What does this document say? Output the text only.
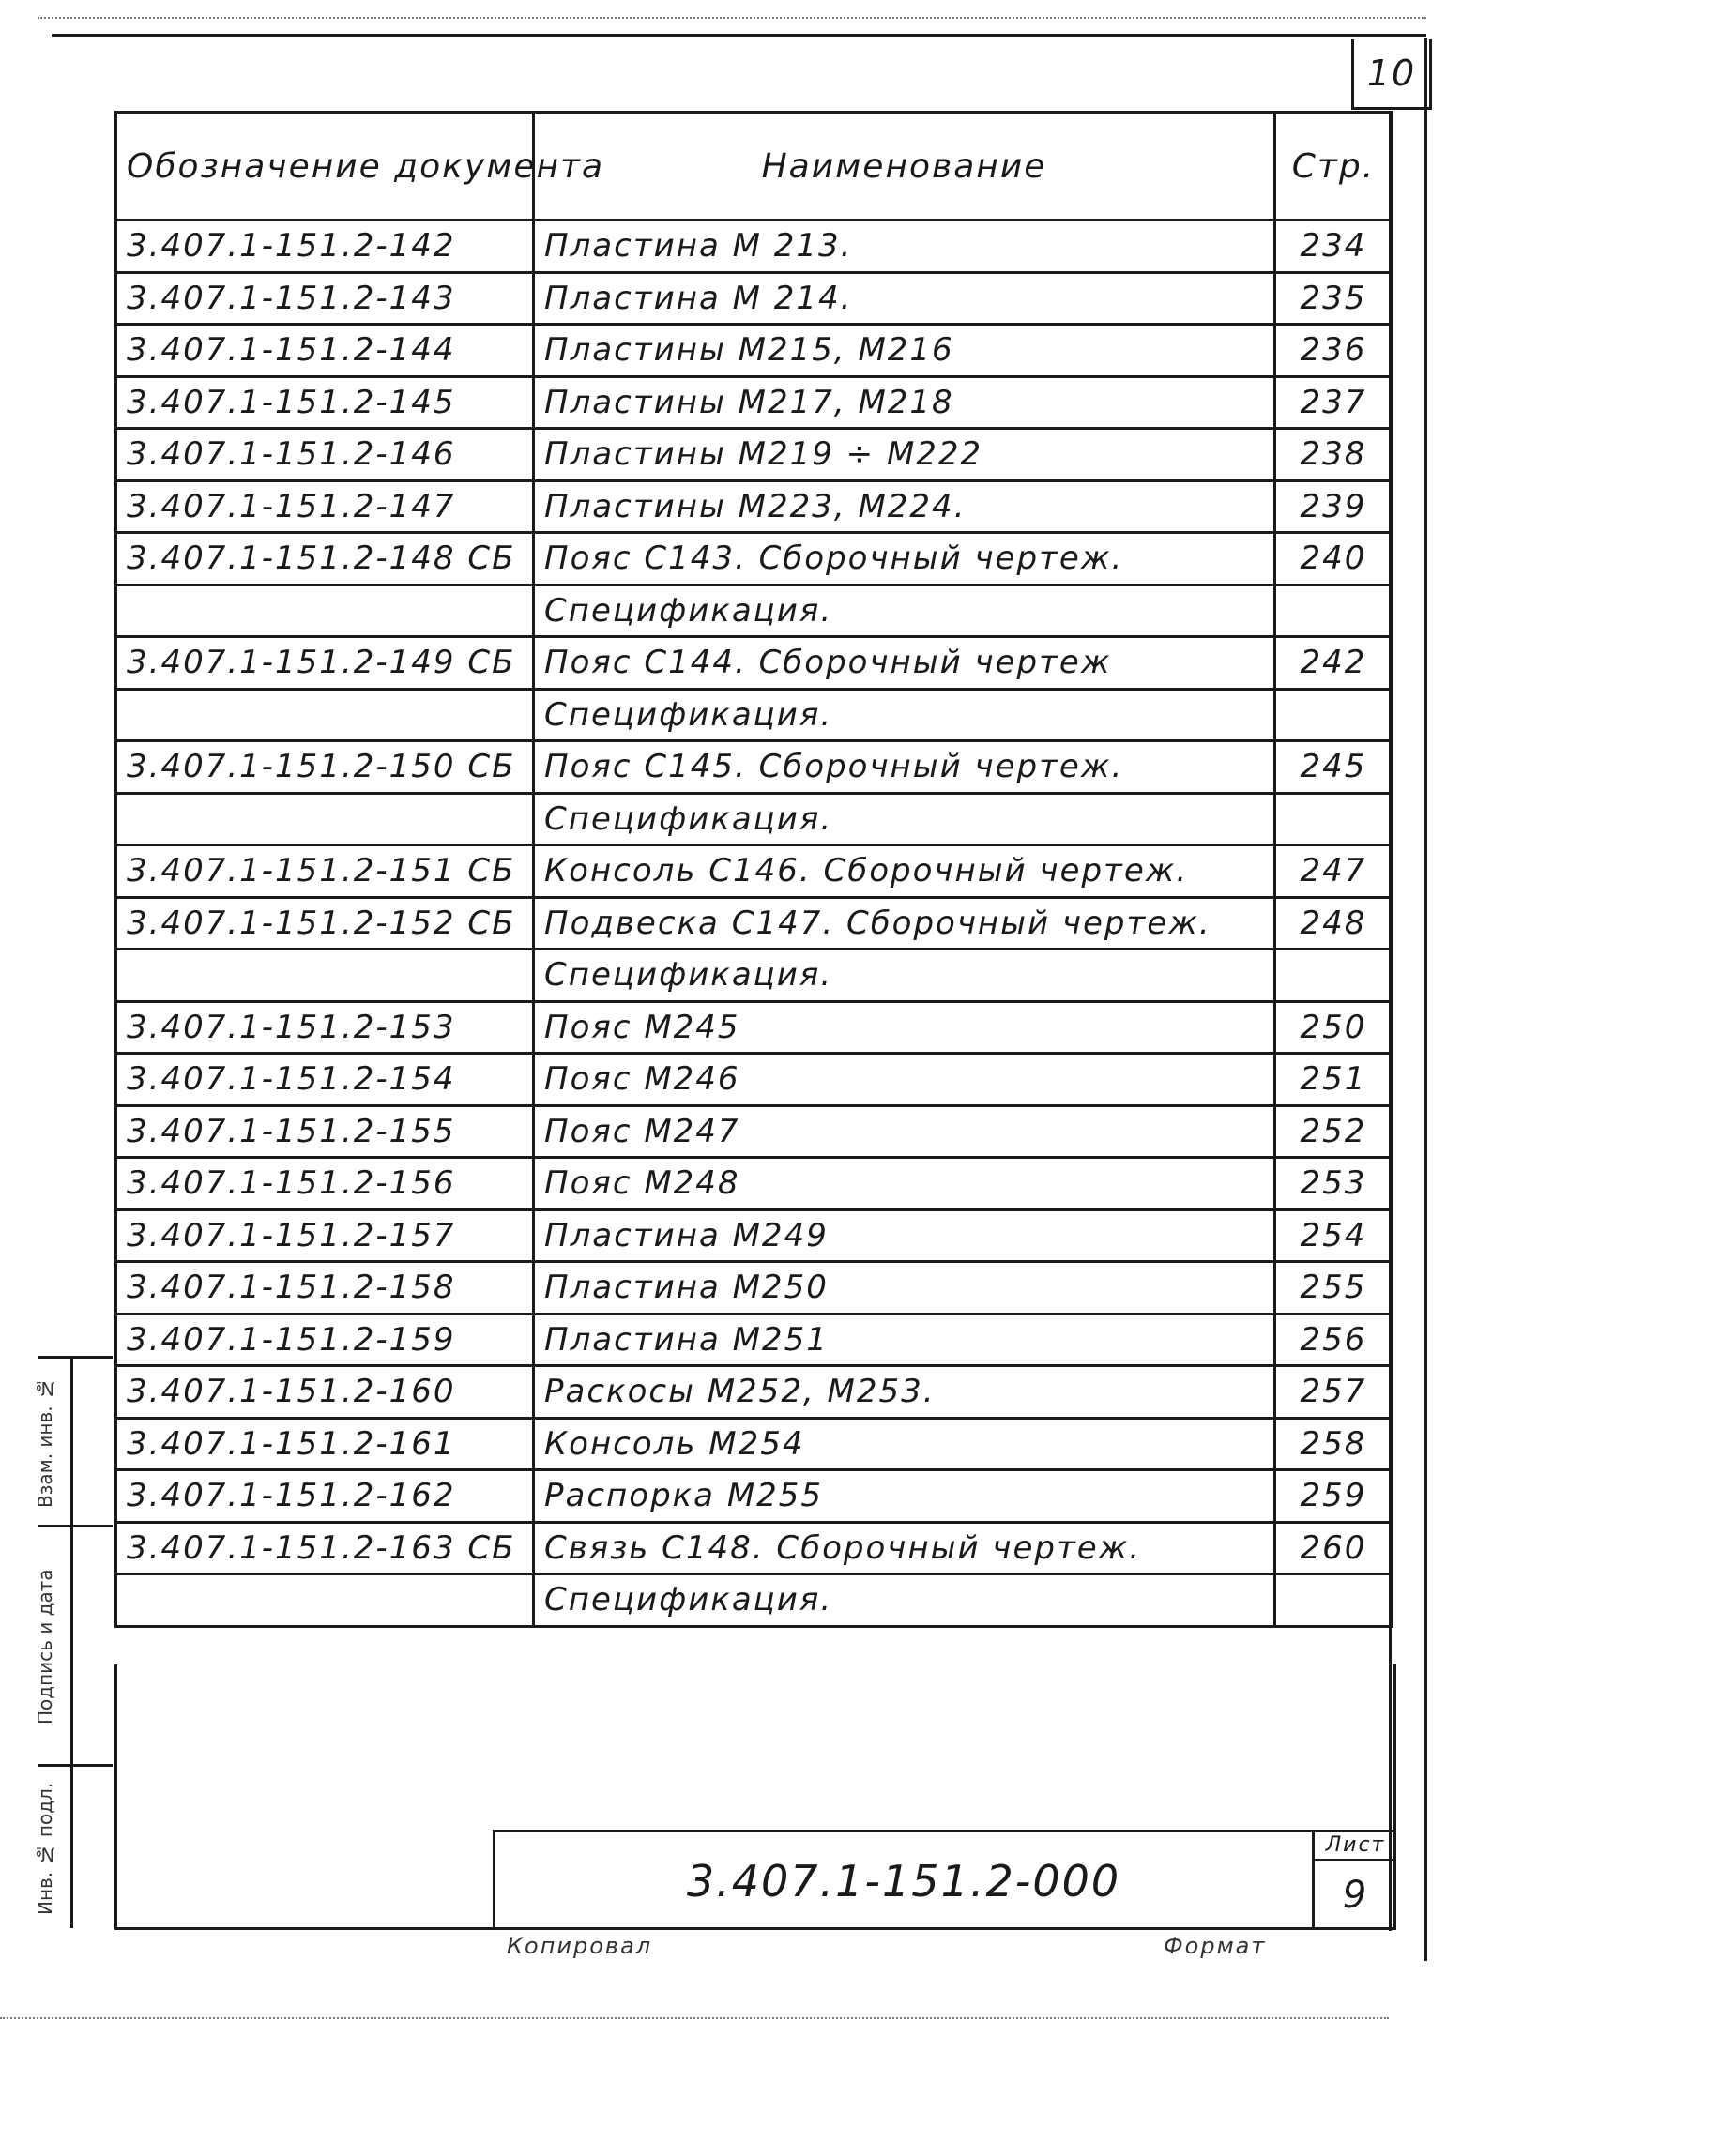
10
Обозначение документа	Наименование	Стр.
3.407.1-151.2-142	Пластина М 213.	234
3.407.1-151.2-143	Пластина М 214.	235
3.407.1-151.2-144	Пластины М215, М216	236
3.407.1-151.2-145	Пластины М217, М218	237
3.407.1-151.2-146	Пластины М219 ÷ М222	238
3.407.1-151.2-147	Пластины М223, М224.	239
3.407.1-151.2-148 СБ	Пояс С143. Сборочный чертеж.	240
	Спецификация.	
3.407.1-151.2-149 СБ	Пояс С144. Сборочный чертеж	242
	Спецификация.	
3.407.1-151.2-150 СБ	Пояс С145. Сборочный чертеж.	245
	Спецификация.	
3.407.1-151.2-151 СБ	Консоль С146. Сборочный чертеж.	247
3.407.1-151.2-152 СБ	Подвеска С147. Сборочный чертеж.	248
	Спецификация.	
3.407.1-151.2-153	Пояс М245	250
3.407.1-151.2-154	Пояс М246	251
3.407.1-151.2-155	Пояс М247	252
3.407.1-151.2-156	Пояс М248	253
3.407.1-151.2-157	Пластина М249	254
3.407.1-151.2-158	Пластина М250	255
3.407.1-151.2-159	Пластина М251	256
3.407.1-151.2-160	Раскосы М252, М253.	257
3.407.1-151.2-161	Консоль М254	258
3.407.1-151.2-162	Распорка М255	259
3.407.1-151.2-163 СБ	Связь С148. Сборочный чертеж.	260
	Спецификация.	
3.407.1-151.2-000
Лист
9
Взам. инв. №
Подпись и дата
Инв. № подл.
Копировал	Формат
